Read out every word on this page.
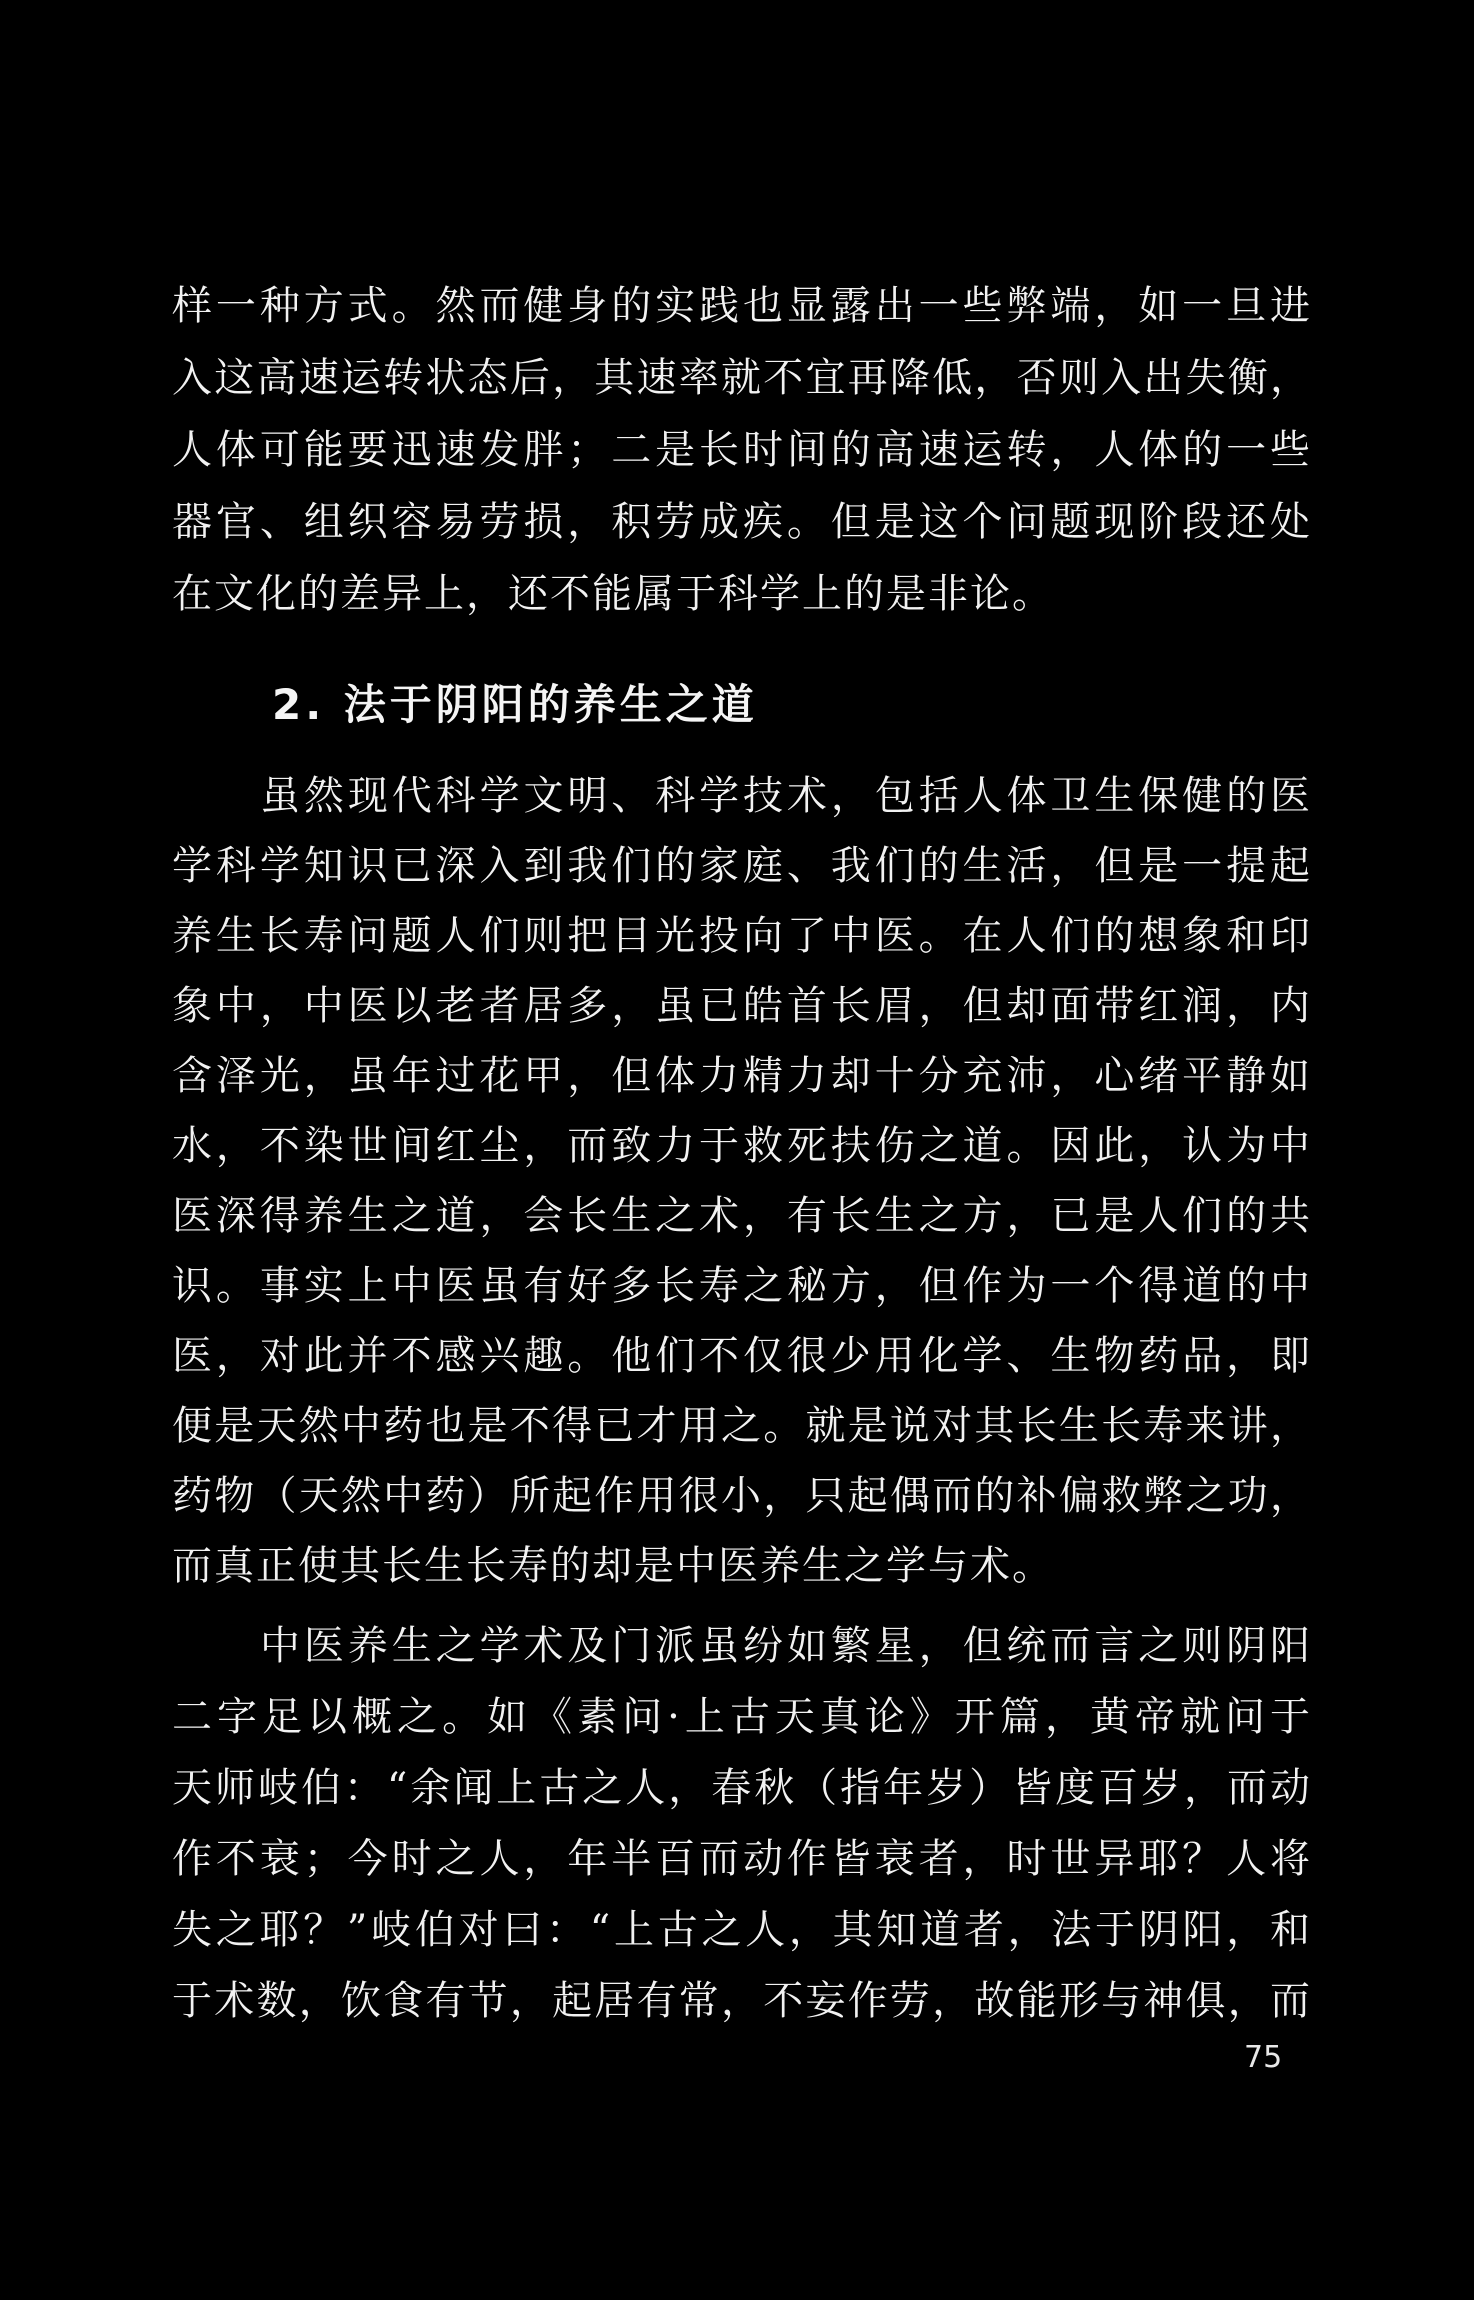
样一种方式。然而健身的实践也显露出一些弊端，如一旦进
入这高速运转状态后，其速率就不宜再降低，否则入出失衡，
人体可能要迅速发胖；二是长时间的高速运转，人体的一些
器官、组织容易劳损，积劳成疾。但是这个问题现阶段还处
在文化的差异上，还不能属于科学上的是非论。
2. 法于阴阳的养生之道
虽然现代科学文明、科学技术，包括人体卫生保健的医
学科学知识已深入到我们的家庭、我们的生活，但是一提起
养生长寿问题人们则把目光投向了中医。在人们的想象和印
象中，中医以老者居多，虽已皓首长眉，但却面带红润，内
含泽光，虽年过花甲，但体力精力却十分充沛，心绪平静如
水，不染世间红尘，而致力于救死扶伤之道。因此，认为中
医深得养生之道，会长生之术，有长生之方，已是人们的共
识。事实上中医虽有好多长寿之秘方，但作为一个得道的中
医，对此并不感兴趣。他们不仅很少用化学、生物药品，即
便是天然中药也是不得已才用之。就是说对其长生长寿来讲，
药物（天然中药）所起作用很小，只起偶而的补偏救弊之功，
而真正使其长生长寿的却是中医养生之学与术。
中医养生之学术及门派虽纷如繁星，但统而言之则阴阳
二字足以概之。如《素问·上古天真论》开篇，黄帝就问于
天师岐伯：“余闻上古之人，春秋（指年岁）皆度百岁，而动
作不衰；今时之人，年半百而动作皆衰者，时世异耶？人将
失之耶？”岐伯对曰：“上古之人，其知道者，法于阴阳，和
于术数，饮食有节，起居有常，不妄作劳，故能形与神俱，而
75
